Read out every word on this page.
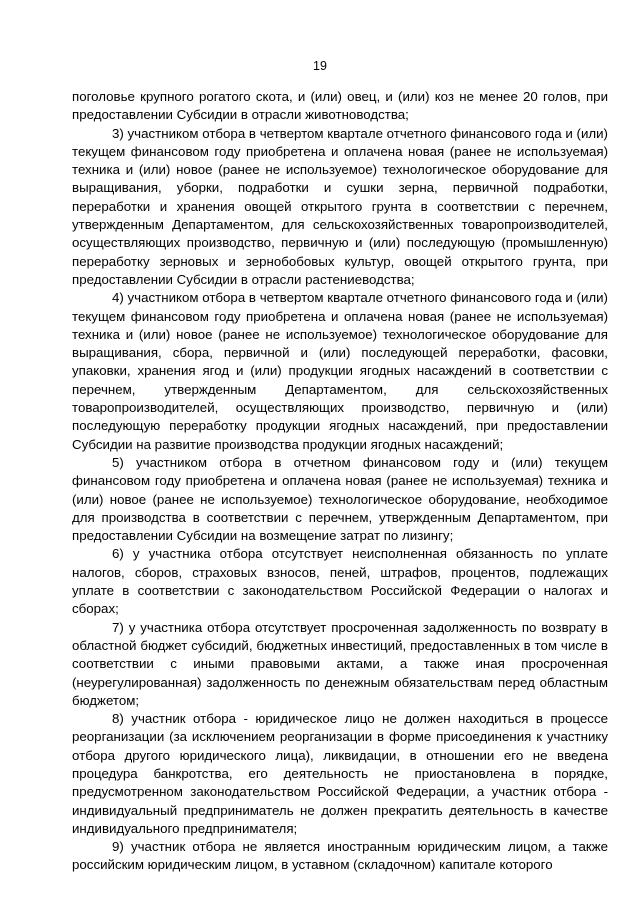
19

поголовье крупного рогатого скота, и (или) овец, и (или) коз не менее 20 голов, при предоставлении Субсидии в отрасли животноводства;

3) участником отбора в четвертом квартале отчетного финансового года и (или) текущем финансовом году приобретена и оплачена новая (ранее не используемая) техника и (или) новое (ранее не используемое) технологическое оборудование для выращивания, уборки, подработки и сушки зерна, первичной подработки, переработки и хранения овощей открытого грунта в соответствии с перечнем, утвержденным Департаментом, для сельскохозяйственных товаропроизводителей, осуществляющих производство, первичную и (или) последующую (промышленную) переработку зерновых и зернобобовых культур, овощей открытого грунта, при предоставлении Субсидии в отрасли растениеводства;

4) участником отбора в четвертом квартале отчетного финансового года и (или) текущем финансовом году приобретена и оплачена новая (ранее не используемая) техника и (или) новое (ранее не используемое) технологическое оборудование для выращивания, сбора, первичной и (или) последующей переработки, фасовки, упаковки, хранения ягод и (или) продукции ягодных насаждений в соответствии с перечнем, утвержденным Департаментом, для сельскохозяйственных товаропроизводителей, осуществляющих производство, первичную и (или) последующую переработку продукции ягодных насаждений, при предоставлении Субсидии на развитие производства продукции ягодных насаждений;

5) участником отбора в отчетном финансовом году и (или) текущем финансовом году приобретена и оплачена новая (ранее не используемая) техника и (или) новое (ранее не используемое) технологическое оборудование, необходимое для производства в соответствии с перечнем, утвержденным Департаментом, при предоставлении Субсидии на возмещение затрат по лизингу;

6) у участника отбора отсутствует неисполненная обязанность по уплате налогов, сборов, страховых взносов, пеней, штрафов, процентов, подлежащих уплате в соответствии с законодательством Российской Федерации о налогах и сборах;

7) у участника отбора отсутствует просроченная задолженность по возврату в областной бюджет субсидий, бюджетных инвестиций, предоставленных в том числе в соответствии с иными правовыми актами, а также иная просроченная (неурегулированная) задолженность по денежным обязательствам перед областным бюджетом;

8) участник отбора - юридическое лицо не должен находиться в процессе реорганизации (за исключением реорганизации в форме присоединения к участнику отбора другого юридического лица), ликвидации, в отношении его не введена процедура банкротства, его деятельность не приостановлена в порядке, предусмотренном законодательством Российской Федерации, а участник отбора - индивидуальный предприниматель не должен прекратить деятельность в качестве индивидуального предпринимателя;

9) участник отбора не является иностранным юридическим лицом, а также российским юридическим лицом, в уставном (складочном) капитале которого
